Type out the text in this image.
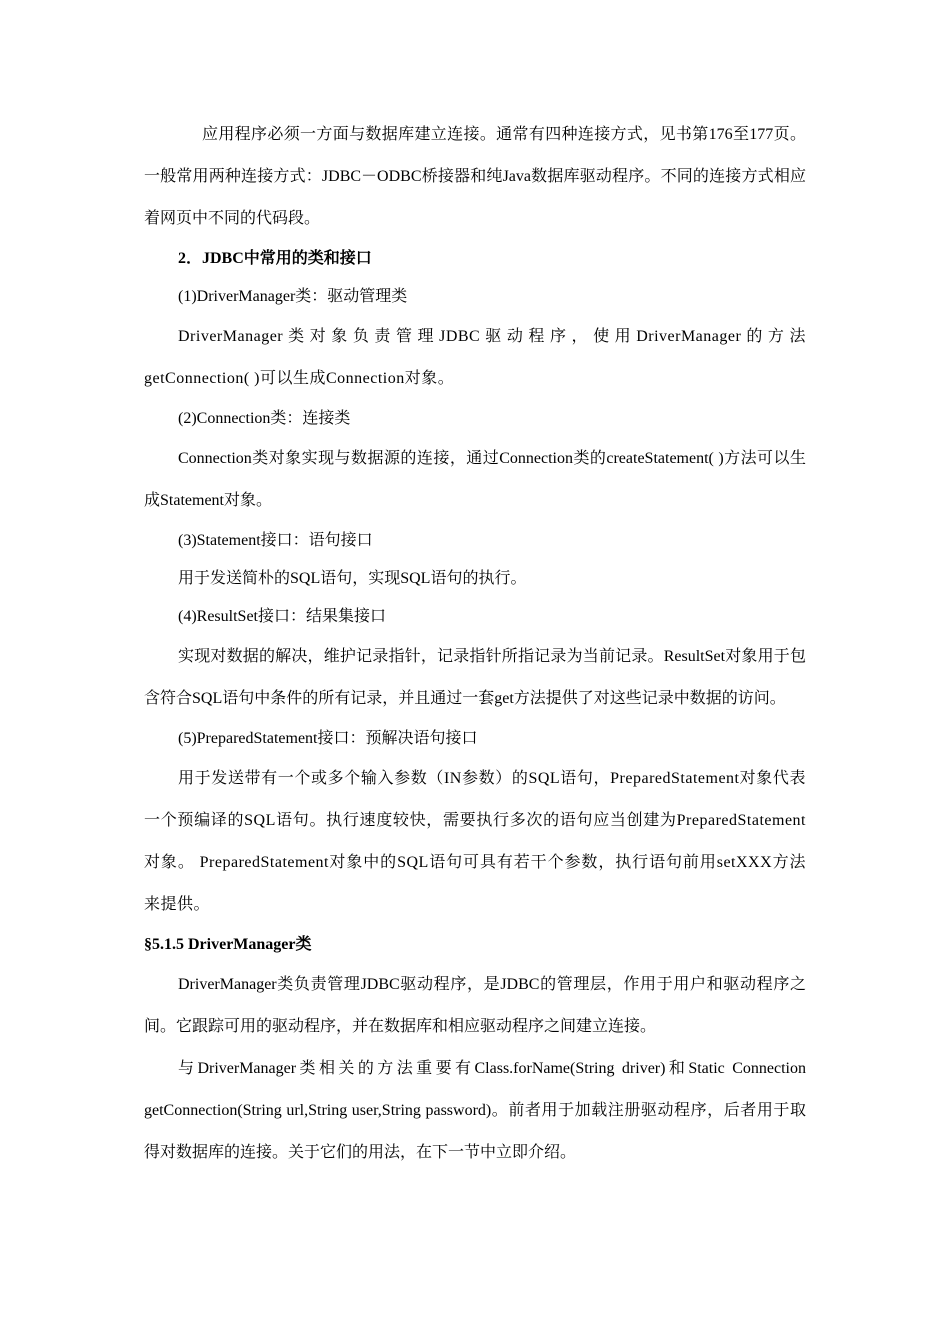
应用程序必须一方面与数据库建立连接。通常有四种连接方式，见书第176至177页。一般常用两种连接方式：JDBC－ODBC桥接器和纯Java数据库驱动程序。不同的连接方式相应着网页中不同的代码段。

2．JDBC中常用的类和接口

(1)DriverManager类：驱动管理类

DriverManager类对象负责管理JDBC驱动程序，使用DriverManager的方法getConnection( )可以生成Connection对象。

(2)Connection类：连接类

Connection类对象实现与数据源的连接，通过Connection类的createStatement( )方法可以生成Statement对象。

(3)Statement接口：语句接口

用于发送简朴的SQL语句，实现SQL语句的执行。

(4)ResultSet接口：结果集接口

实现对数据的解决，维护记录指针，记录指针所指记录为当前记录。ResultSet对象用于包含符合SQL语句中条件的所有记录，并且通过一套get方法提供了对这些记录中数据的访问。

(5)PreparedStatement接口：预解决语句接口

用于发送带有一个或多个输入参数（IN参数）的SQL语句，PreparedStatement对象代表一个预编译的SQL语句。执行速度较快，需要执行多次的语句应当创建为PreparedStatement对象。 PreparedStatement对象中的SQL语句可具有若干个参数，执行语句前用setXXX方法来提供。

§5.1.5 DriverManager类

DriverManager类负责管理JDBC驱动程序，是JDBC的管理层，作用于用户和驱动程序之间。它跟踪可用的驱动程序，并在数据库和相应驱动程序之间建立连接。

与DriverManager类相关的方法重要有Class.forName(String driver)和Static Connection getConnection(String url,String user,String password)。前者用于加载注册驱动程序，后者用于取得对数据库的连接。关于它们的用法，在下一节中立即介绍。
